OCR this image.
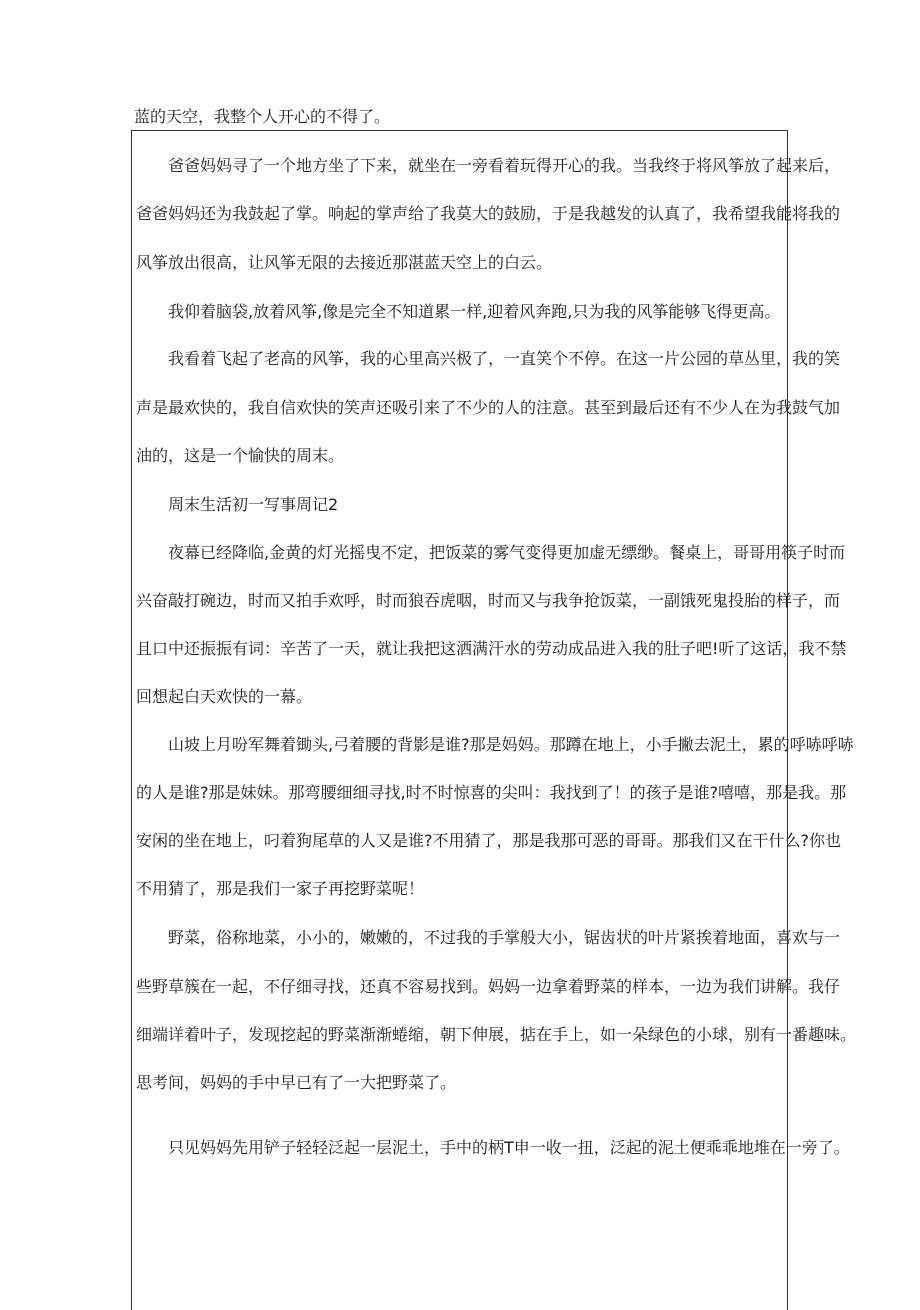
蓝的天空，我整个人开心的不得了。
爸爸妈妈寻了一个地方坐了下来，就坐在一旁看着玩得开心的我。当我终于将风筝放了起来后，
爸爸妈妈还为我鼓起了掌。响起的掌声给了我莫大的鼓励，于是我越发的认真了，我希望我能将我的
风筝放出很高，让风筝无限的去接近那湛蓝天空上的白云。
我仰着脑袋,放着风筝,像是完全不知道累一样,迎着风奔跑,只为我的风筝能够飞得更高。
我看着飞起了老高的风筝，我的心里高兴极了，一直笑个不停。在这一片公园的草丛里，我的笑
声是最欢快的，我自信欢快的笑声还吸引来了不少的人的注意。甚至到最后还有不少人在为我鼓气加
油的，这是一个愉快的周末。
周末生活初一写事周记2
夜幕已经降临,金黄的灯光摇曳不定，把饭菜的雾气变得更加虚无缥缈。餐桌上，哥哥用筷子时而
兴奋敲打碗边，时而又拍手欢呼，时而狼吞虎咽，时而又与我争抢饭菜，一副饿死鬼投胎的样子，而
且口中还振振有词：辛苦了一天，就让我把这洒满汗水的劳动成品进入我的肚子吧!听了这话，我不禁
回想起白天欢快的一幕。
山坡上月吩军舞着锄头,弓着腰的背影是谁?那是妈妈。那蹲在地上，小手撇去泥土，累的呼哧呼哧
的人是谁?那是妹妹。那弯腰细细寻找,时不时惊喜的尖叫：我找到了！的孩子是谁?嘻嘻，那是我。那
安闲的坐在地上，叼着狗尾草的人又是谁?不用猜了，那是我那可恶的哥哥。那我们又在干什么?你也
不用猜了，那是我们一家子再挖野菜呢！
野菜，俗称地菜，小小的，嫩嫩的，不过我的手掌般大小，锯齿状的叶片紧挨着地面，喜欢与一
些野草簇在一起，不仔细寻找，还真不容易找到。妈妈一边拿着野菜的样本，一边为我们讲解。我仔
细端详着叶子，发现挖起的野菜渐渐蜷缩，朝下伸展，掂在手上，如一朵绿色的小球，别有一番趣味。
思考间，妈妈的手中早已有了一大把野菜了。
只见妈妈先用铲子轻轻泛起一层泥土，手中的柄T申一收一扭，泛起的泥土便乖乖地堆在一旁了。
